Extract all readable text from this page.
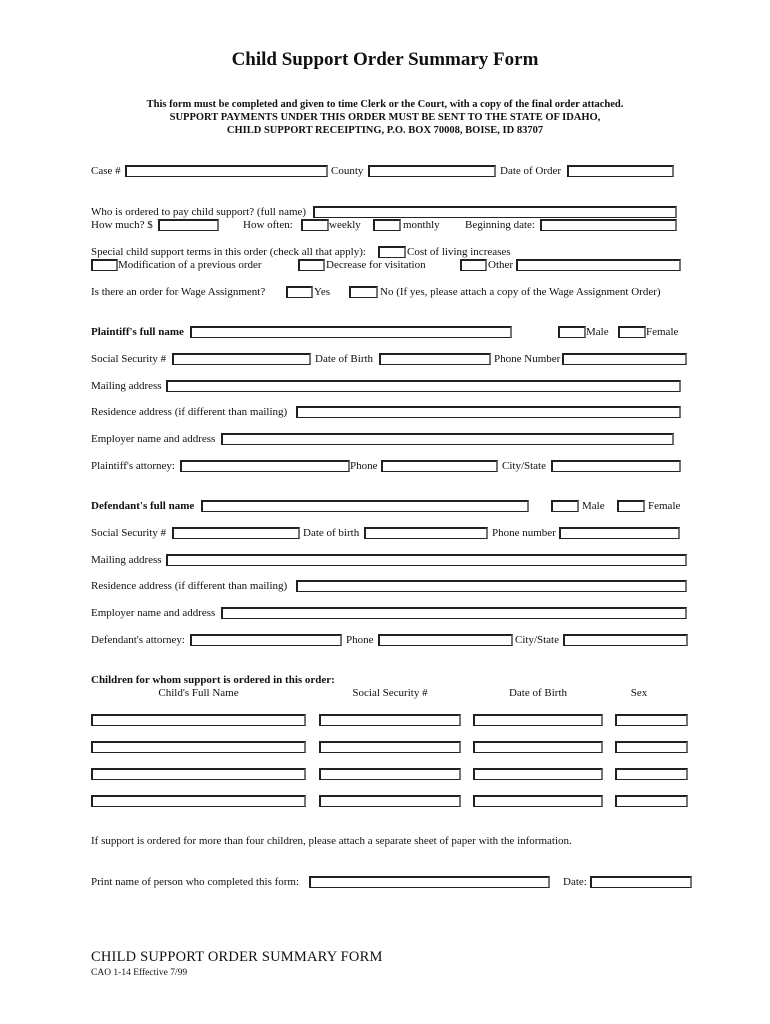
Child Support Order Summary Form
This form must be completed and given to time Clerk or the Court, with a copy of the final order attached.
SUPPORT PAYMENTS UNDER THIS ORDER MUST BE SENT TO THE STATE OF IDAHO,
CHILD SUPPORT RECEIPTING, P.O. BOX 70008, BOISE, ID 83707
Case #	County	Date of Order
Who is ordered to pay child support? (full name)
How much? $	How often:	weekly	monthly Beginning date:
Special child support terms in this order (check all that apply):	Cost of living increases
Modification of a previous order	Decrease for visitation	Other
Is there an order for Wage Assignment?	Yes	No (If yes, please attach a copy of the Wage Assignment Order)
Plaintiff's full name	Male	Female
Social Security #	Date of Birth	Phone Number
Mailing address
Residence address (if different than mailing)
Employer name and address
Plaintiff's attorney:	Phone	City/State
Defendant's full name	Male	Female
Social Security #	Date of birth	Phone number
Mailing address
Residence address (if different than mailing)
Employer name and address
Defendant's attorney:	Phone	City/State
Children for whom support is ordered in this order:
Child's Full Name	Social Security #	Date of Birth	Sex
If support is ordered for more than four children, please attach a separate sheet of paper with the information.
Print name of person who completed this form:	Date:
CHILD SUPPORT ORDER SUMMARY FORM
CAO 1-14 Effective 7/99
